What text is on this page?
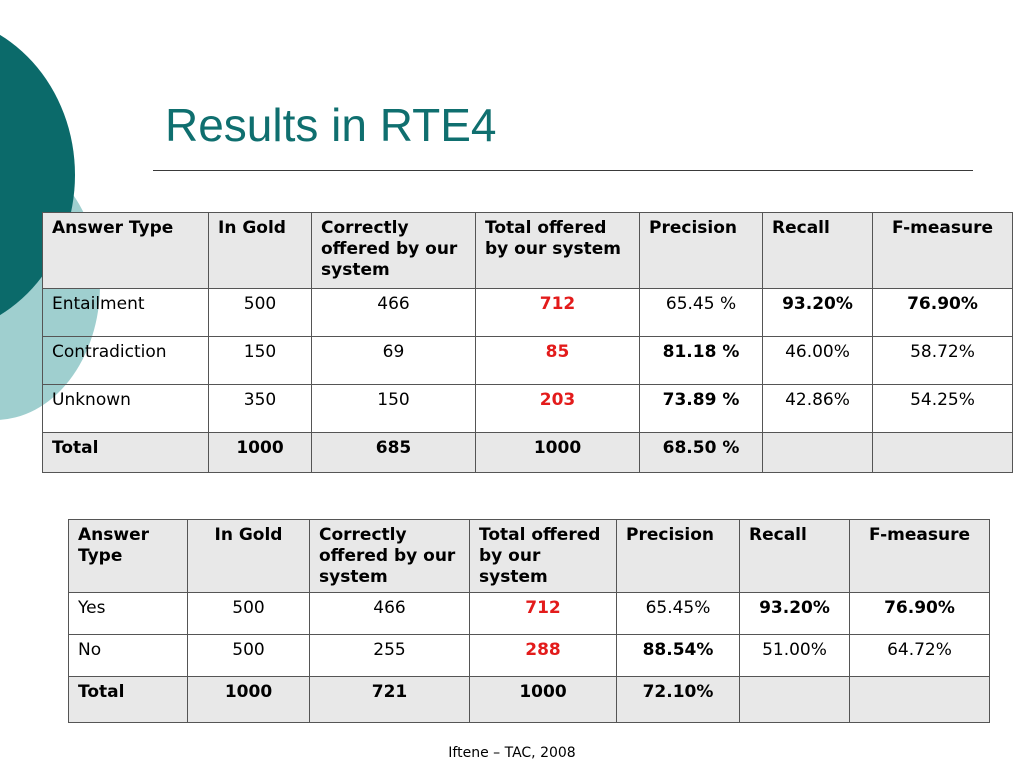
Results in RTE4
Answer Type	In Gold	Correctly offered by our system	Total offered by our system	Precision	Recall	F-measure
Entailment	500	466	712	65.45 %	93.20%	76.90%
Contradiction	150	69	85	81.18 %	46.00%	58.72%
Unknown	350	150	203	73.89 %	42.86%	54.25%
Total	1000	685	1000	68.50 %		
Answer Type	In Gold	Correctly offered by our system	Total offered by our system	Precision	Recall	F-measure
Yes	500	466	712	65.45%	93.20%	76.90%
No	500	255	288	88.54%	51.00%	64.72%
Total	1000	721	1000	72.10%		
Iftene – TAC, 2008
